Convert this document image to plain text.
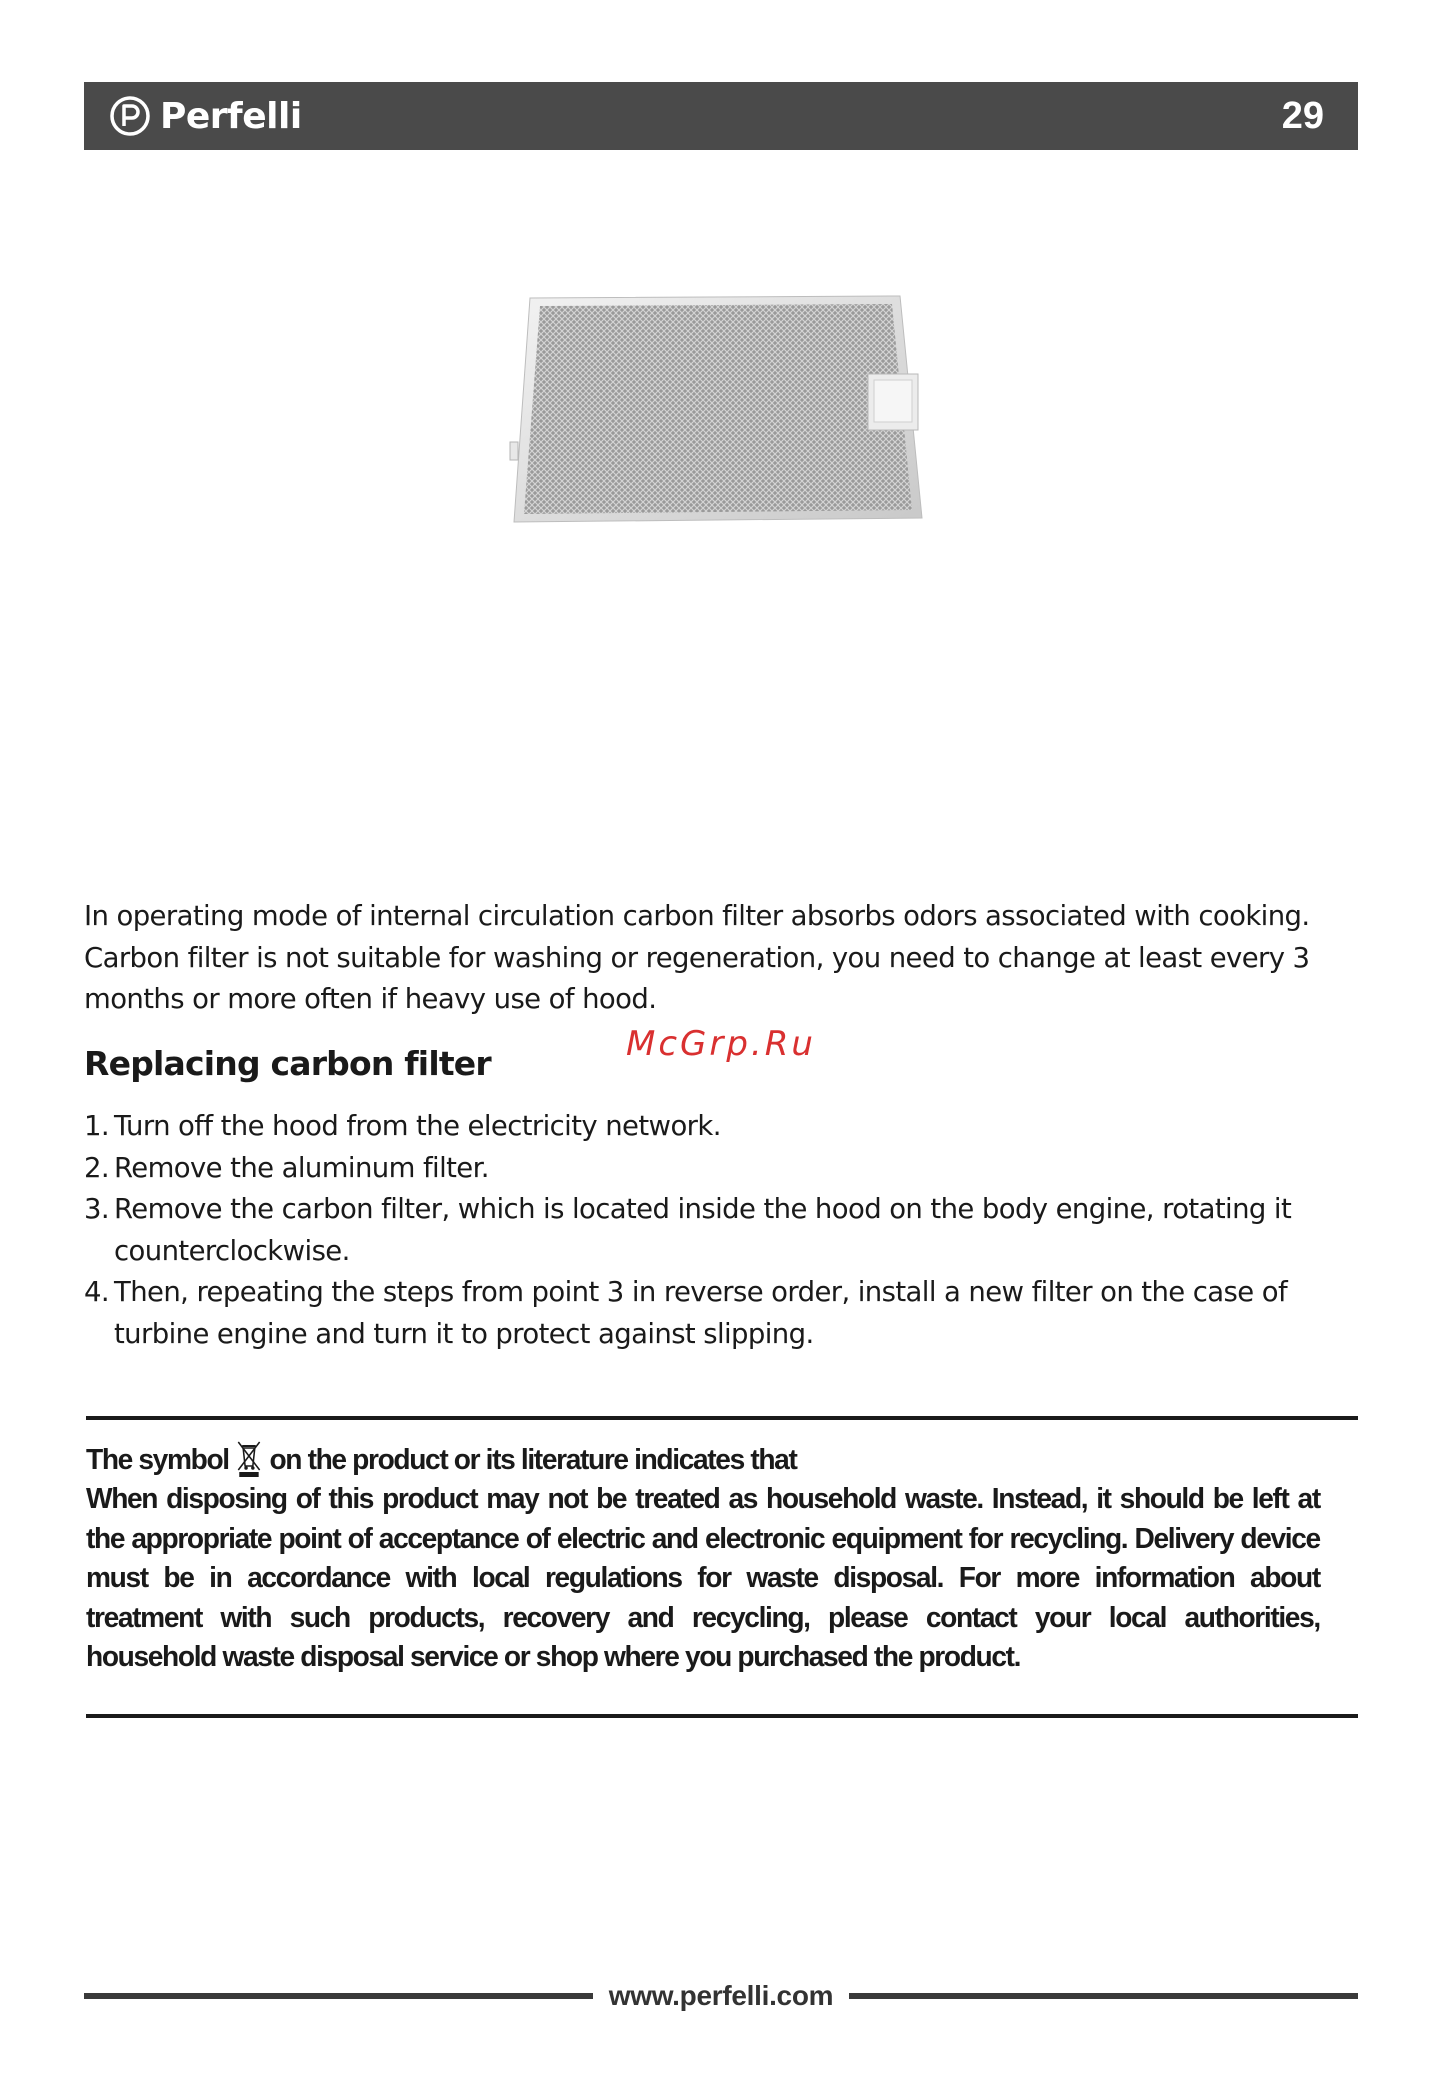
Perfelli	29

In operating mode of internal circulation carbon filter absorbs odors associated with cooking. Carbon filter is not suitable for washing or regeneration, you need to change at least every 3 months or more often if heavy use of hood.

McGrp.Ru
Replacing carbon filter
1. Turn off the hood from the electricity network.
2. Remove the aluminum filter.
3. Remove the carbon filter, which is located inside the hood on the body engine, rotating it counterclockwise.
4. Then, repeating the steps from point 3 in reverse order, install a new filter on the case of turbine engine and turn it to protect against slipping.
The symbol on the product or its literature indicates that

When disposing of this product may not be treated as household waste. Instead, it should be left at the appropriate point of acceptance of electric and electronic equipment for recycling. Delivery device must be in accordance with local regulations for waste disposal. For more information about treatment with such products, recovery and recycling, please contact your local authorities, household waste disposal service or shop where you purchased the product.

www.perfelli.com
